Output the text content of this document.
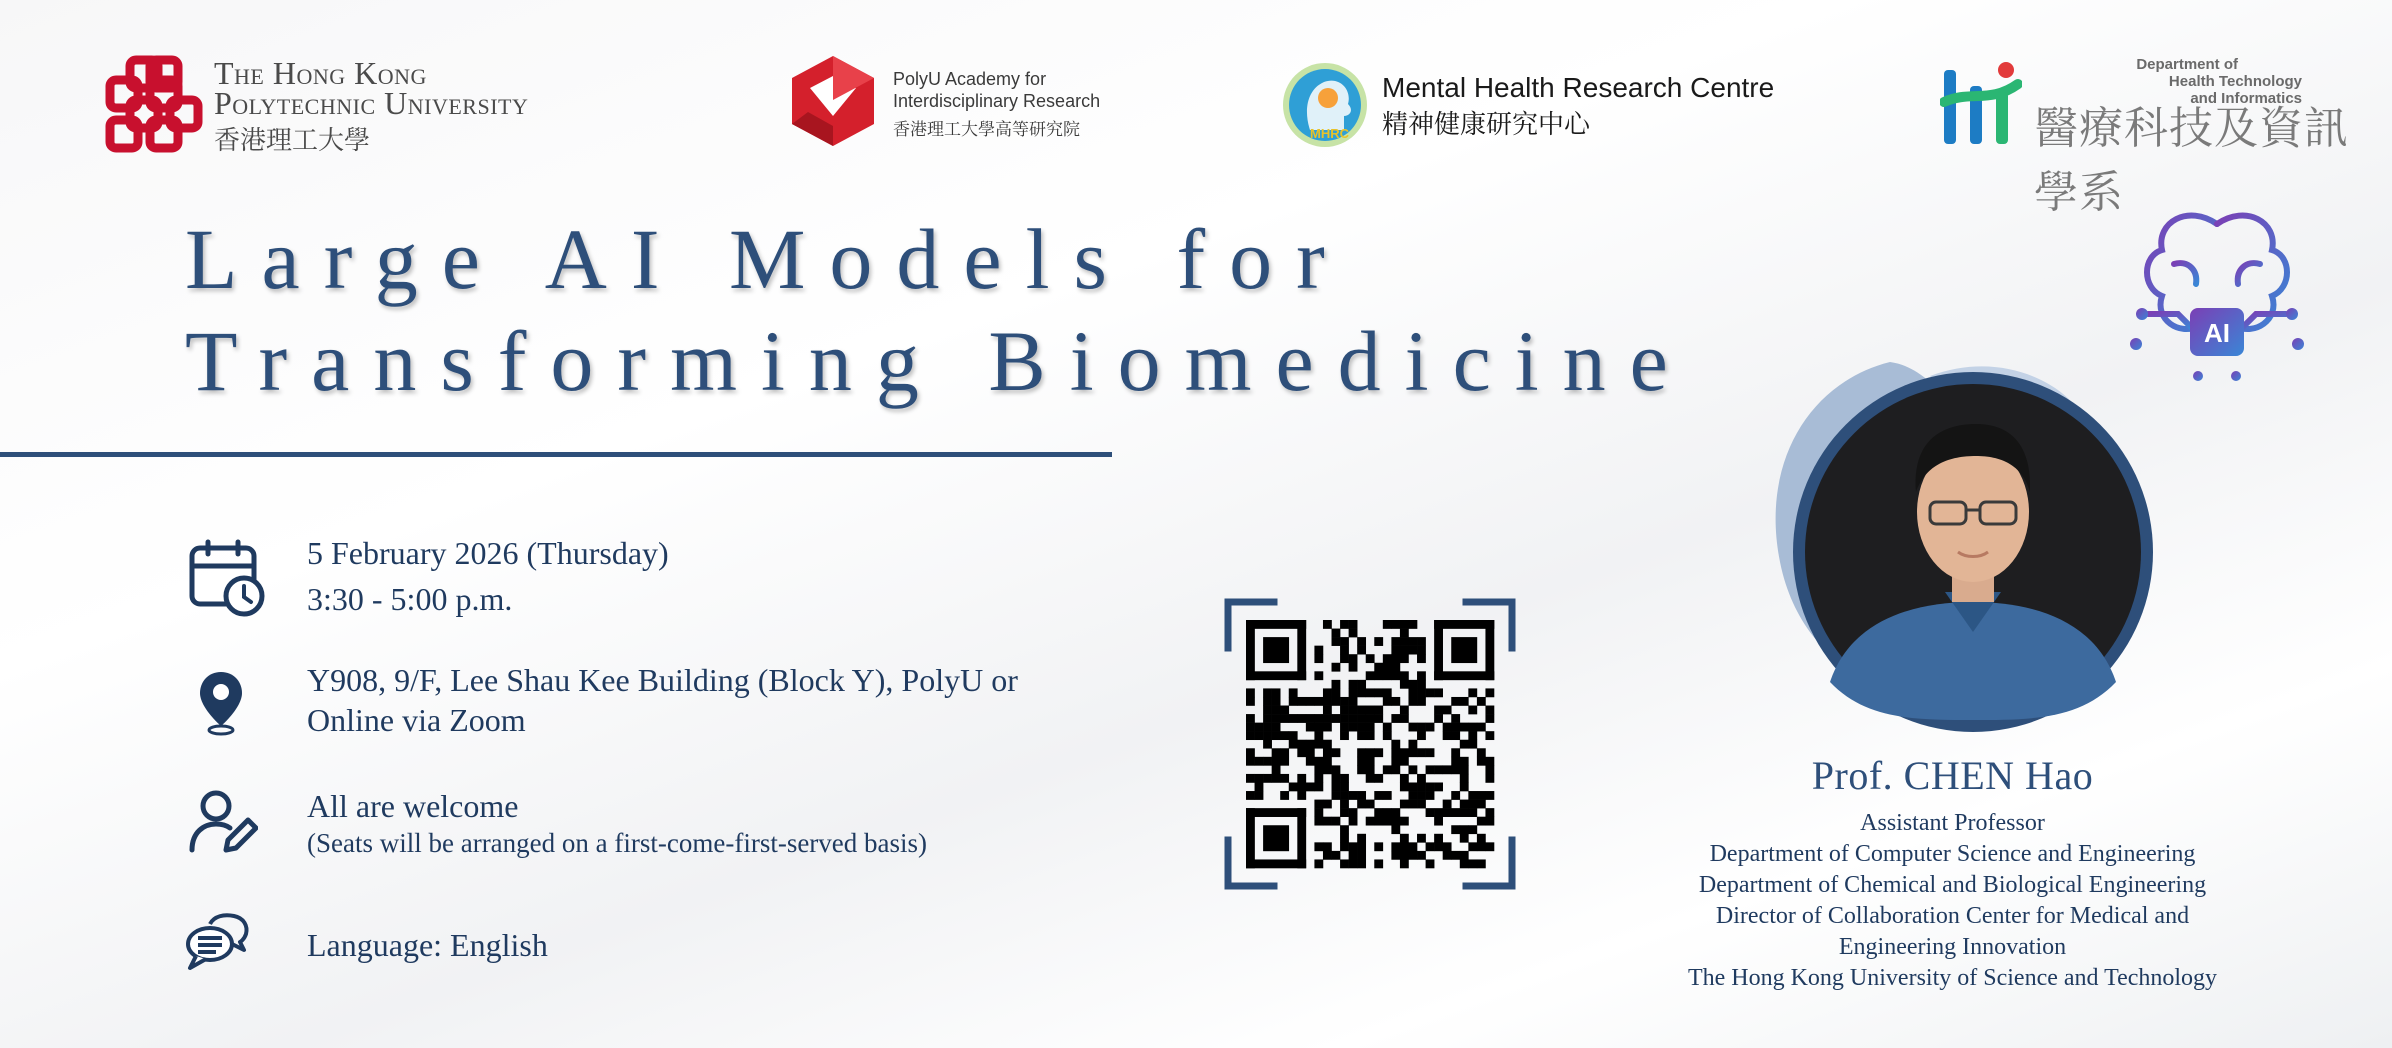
The Hong Kong
Polytechnic University
香港理工大學
PolyU Academy for
Interdisciplinary Research
香港理工大學高等研究院	MHRC
Mental Health Research Centre
精神健康研究中心
Department of
Health Technology
and Informatics
醫療科技及資訊學系
AI
Large AI Models for
Transforming Biomedicine
5 February 2026 (Thursday)
3:30 - 5:00 p.m.
Y908, 9/F, Lee Shau Kee Building (Block Y), PolyU or
Online via Zoom
All are welcome
(Seats will be arranged on a first-come-first-served basis)
Language: English
Prof. CHEN Hao
Assistant Professor
Department of Computer Science and Engineering
Department of Chemical and Biological Engineering
Director of Collaboration Center for Medical and
Engineering Innovation
The Hong Kong University of Science and Technology
